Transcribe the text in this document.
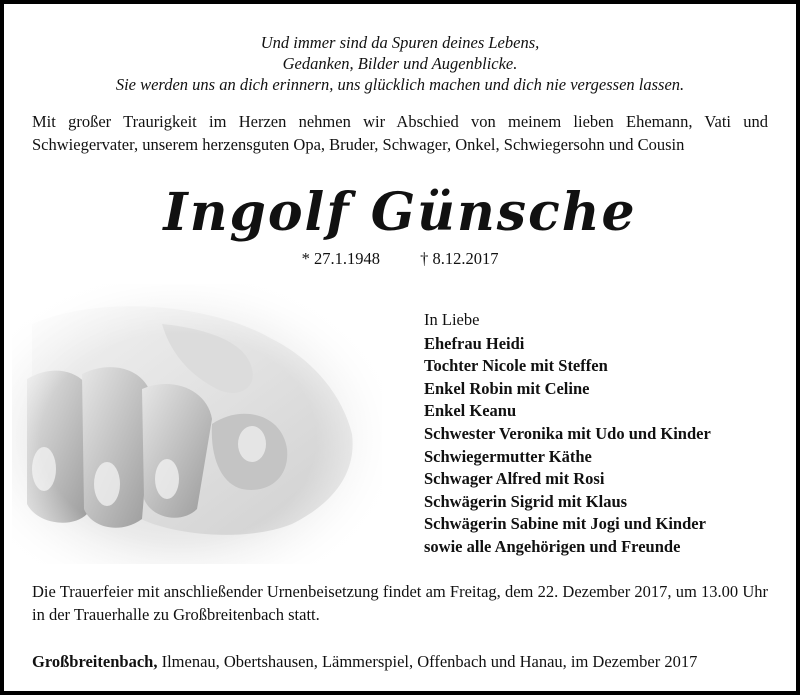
Und immer sind da Spuren deines Lebens,
Gedanken, Bilder und Augenblicke.
Sie werden uns an dich erinnern, uns glücklich machen und dich nie vergessen lassen.
Mit großer Traurigkeit im Herzen nehmen wir Abschied von meinem lieben Ehemann, Vati und Schwiegervater, unserem herzensguten Opa, Bruder, Schwager, Onkel, Schwiegersohn und Cousin
Ingolf Günsche
* 27.1.1948 † 8.12.2017
In Liebe
Ehefrau Heidi
Tochter Nicole mit Steffen
Enkel Robin mit Celine
Enkel Keanu
Schwester Veronika mit Udo und Kinder
Schwiegermutter Käthe
Schwager Alfred mit Rosi
Schwägerin Sigrid mit Klaus
Schwägerin Sabine mit Jogi und Kinder
sowie alle Angehörigen und Freunde
Die Trauerfeier mit anschließender Urnenbeisetzung findet am Freitag, dem 22. Dezember 2017, um 13.00 Uhr in der Trauerhalle zu Großbreitenbach statt.
Großbreitenbach, Ilmenau, Obertshausen, Lämmerspiel, Offenbach und Hanau, im Dezember 2017
